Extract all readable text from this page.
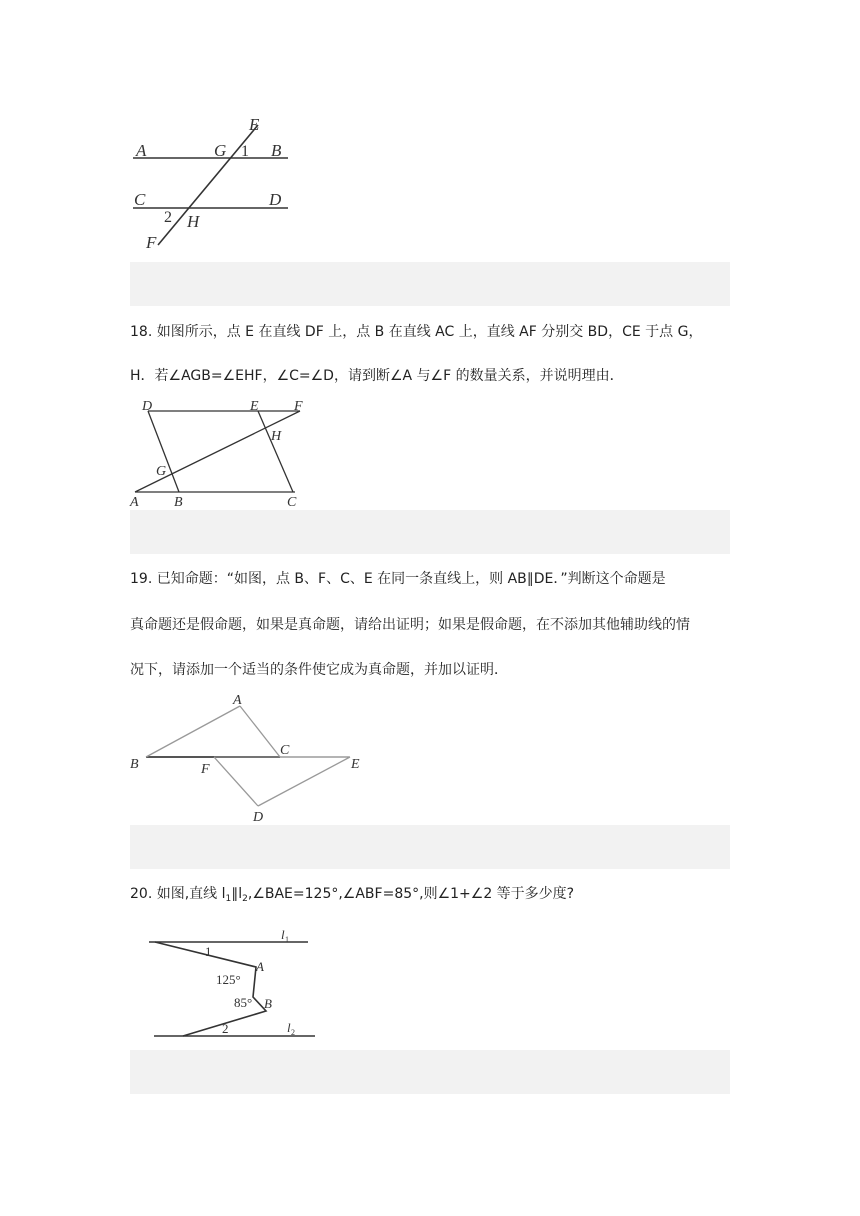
E
A	G 1 B
C	D
2 H
F
18. 如图所示，点 E 在直线 DF 上，点 B 在直线 AC 上，直线 AF 分别交 BD，CE 于点 G，
H．若∠AGB=∠EHF，∠C=∠D，请到断∠A 与∠F 的数量关系，并说明理由．
D	E	F
H
G
A	B	C
19. 已知命题：“如图，点 B、F、C、E 在同一条直线上，则 AB∥DE．”判断这个命题是
真命题还是假命题，如果是真命题，请给出证明；如果是假命题，在不添加其他辅助线的情
况下，请添加一个适当的条件使它成为真命题，并加以证明．
A
C
B	F	E
D
20. 如图,直线 $l_1\parallel l_2,\angle BAE=125^\circ,\angle ABF=85^\circ$,则∠1+∠2 等于多少度?
l 1
1
A
125°
85° B
2	l 2
